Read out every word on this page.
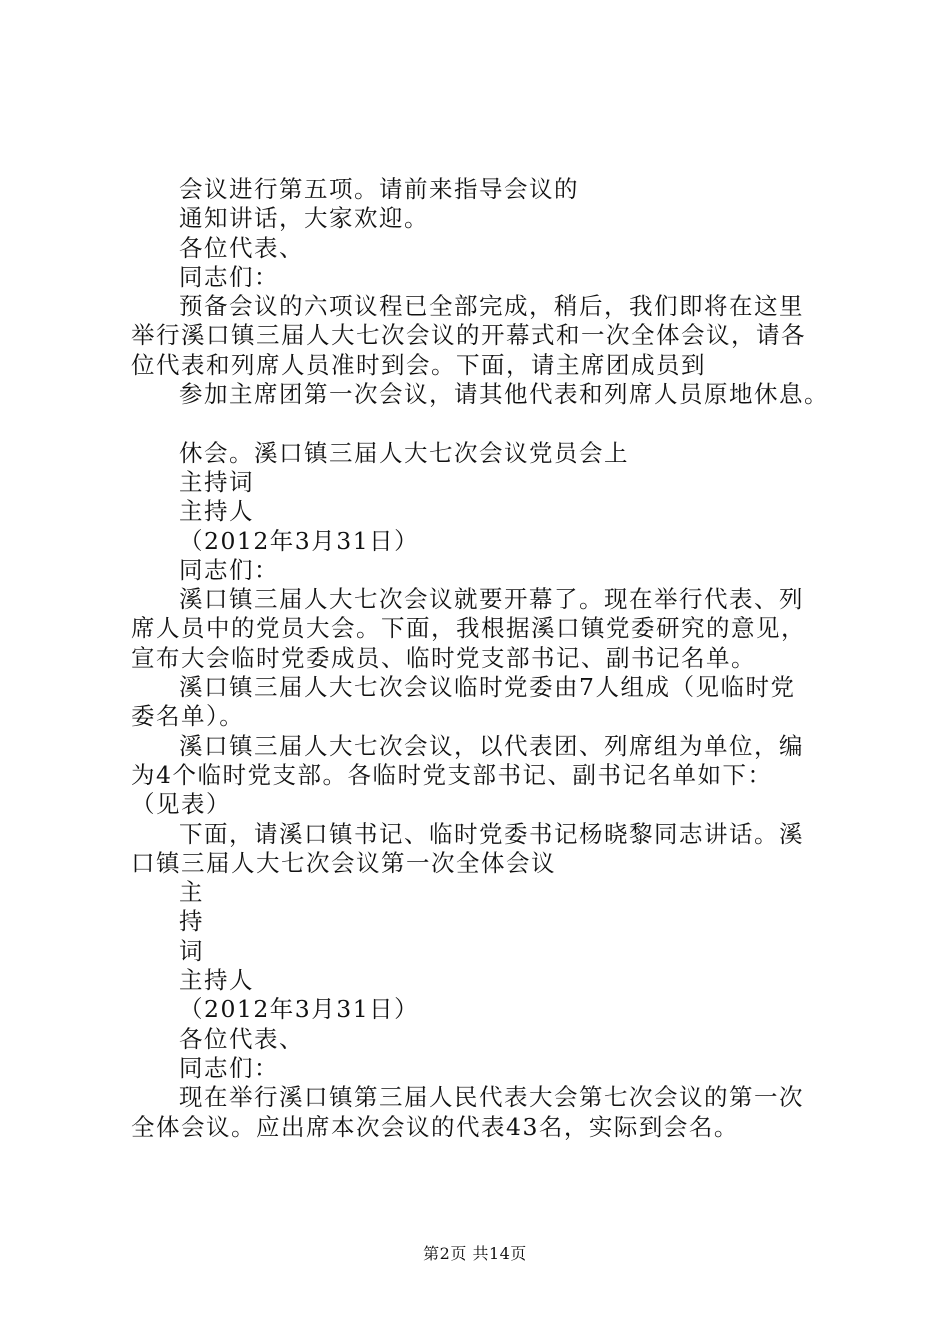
会议进行第五项。请前来指导会议的
通知讲话，大家欢迎。
各位代表、
同志们：
预备会议的六项议程已全部完成，稍后，我们即将在这里
举行溪口镇三届人大七次会议的开幕式和一次全体会议，请各
位代表和列席人员准时到会。下面，请主席团成员到
参加主席团第一次会议，请其他代表和列席人员原地休息。
休会。溪口镇三届人大七次会议党员会上
主持词
主持人
（2012年3月31日）
同志们：
溪口镇三届人大七次会议就要开幕了。现在举行代表、列
席人员中的党员大会。下面，我根据溪口镇党委研究的意见，
宣布大会临时党委成员、临时党支部书记、副书记名单。
溪口镇三届人大七次会议临时党委由7人组成（见临时党
委名单）。
溪口镇三届人大七次会议，以代表团、列席组为单位，编
为4个临时党支部。各临时党支部书记、副书记名单如下：
（见表）
下面，请溪口镇书记、临时党委书记杨晓黎同志讲话。溪
口镇三届人大七次会议第一次全体会议
主
持
词
主持人
（2012年3月31日）
各位代表、
同志们：
现在举行溪口镇第三届人民代表大会第七次会议的第一次
全体会议。应出席本次会议的代表43名，实际到会名。
第2页 共14页
